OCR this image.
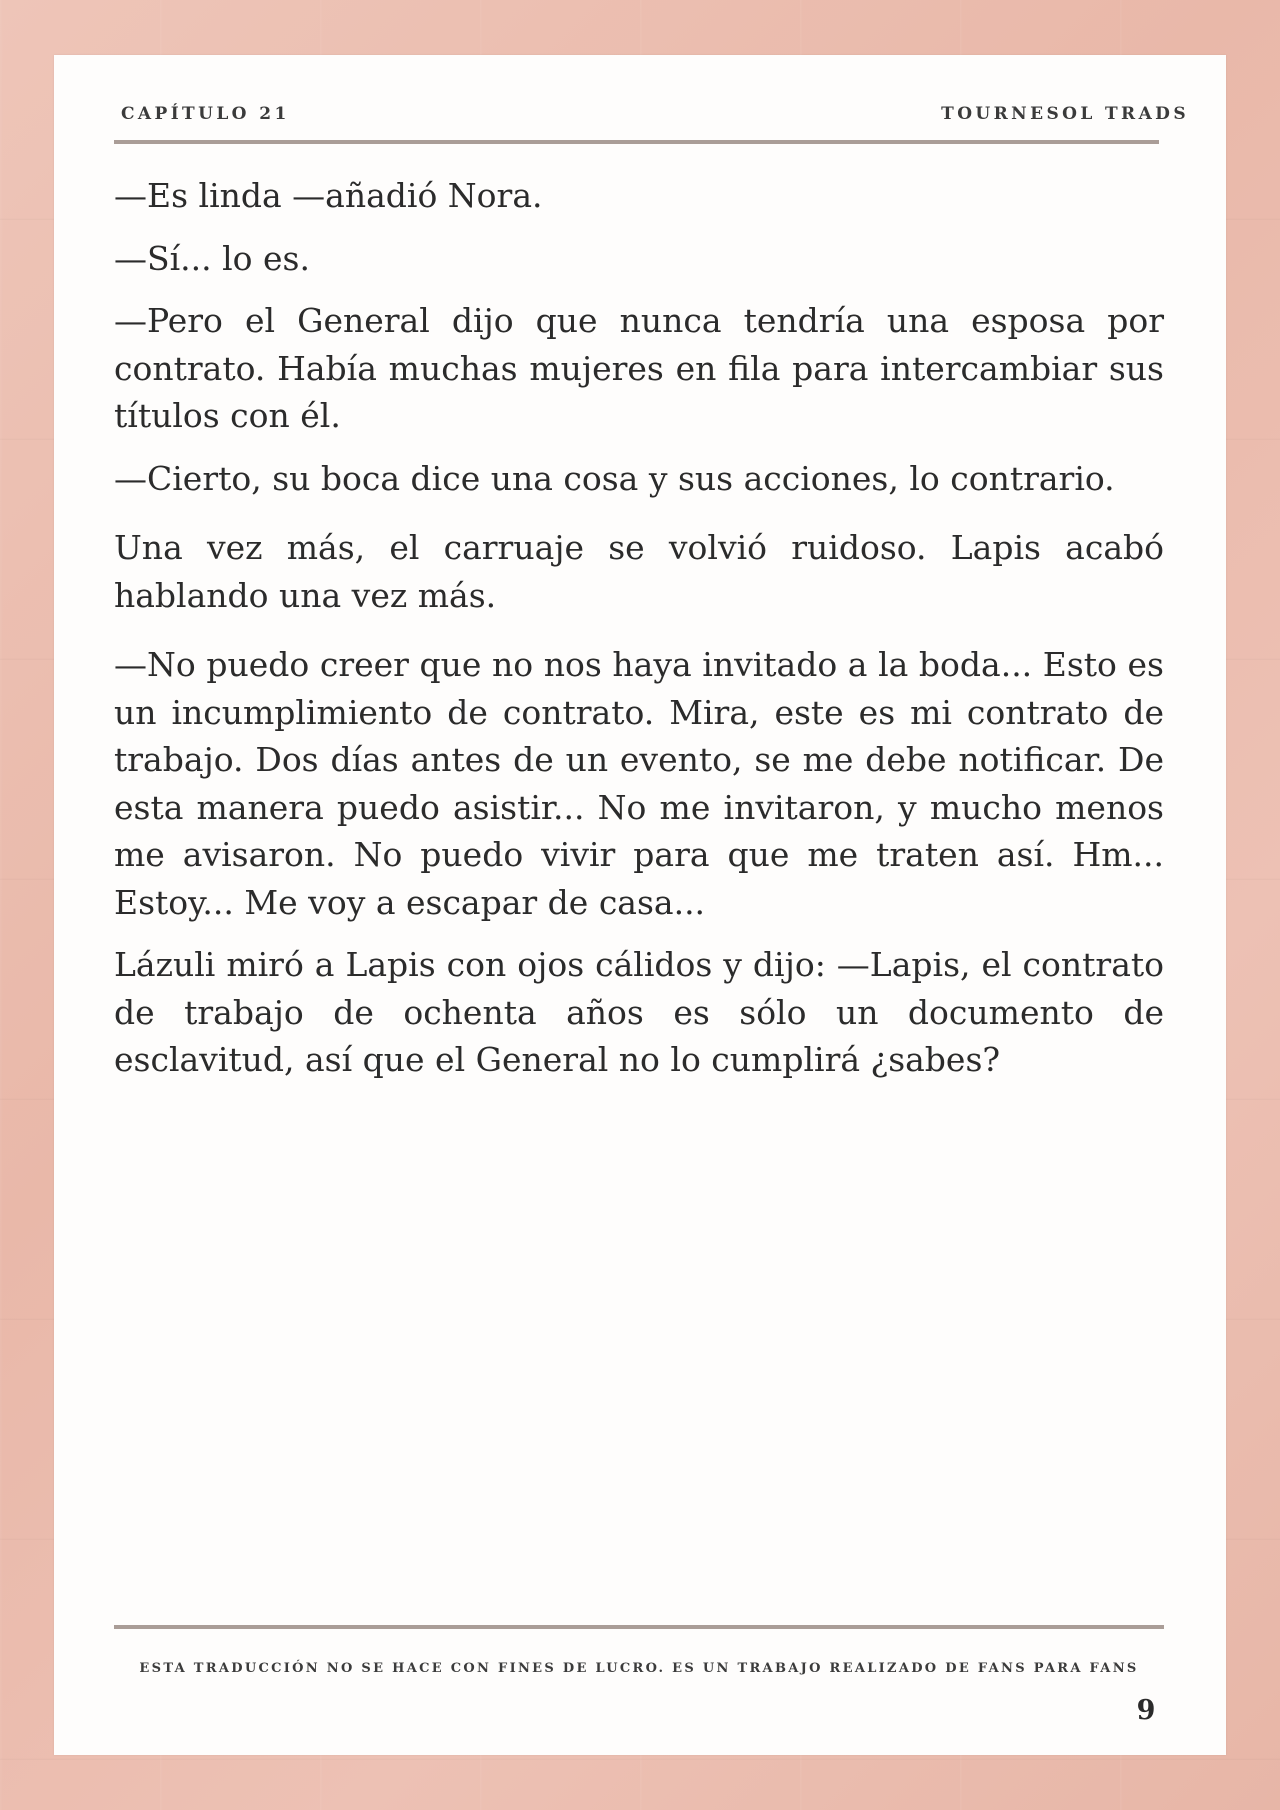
CAPÍTULO 21	TOURNESOL TRADS

—Es linda —añadió Nora.

—Sí... lo es.

—Pero el General dijo que nunca tendría una esposa por contrato. Había muchas mujeres en fila para intercambiar sus títulos con él.

—Cierto, su boca dice una cosa y sus acciones, lo contrario.

Una vez más, el carruaje se volvió ruidoso. Lapis acabó hablando una vez más.

—No puedo creer que no nos haya invitado a la boda... Esto es un incumplimiento de contrato. Mira, este es mi contrato de trabajo. Dos días antes de un evento, se me debe notificar. De esta manera puedo asistir... No me invitaron, y mucho menos me avisaron. No puedo vivir para que me traten así. Hm... Estoy... Me voy a escapar de casa...

Lázuli miró a Lapis con ojos cálidos y dijo: —Lapis, el contrato de trabajo de ochenta años es sólo un documento de esclavitud, así que el General no lo cumplirá ¿sabes?

ESTA TRADUCCIÓN NO SE HACE CON FINES DE LUCRO. ES UN TRABAJO REALIZADO DE FANS PARA FANS
9
